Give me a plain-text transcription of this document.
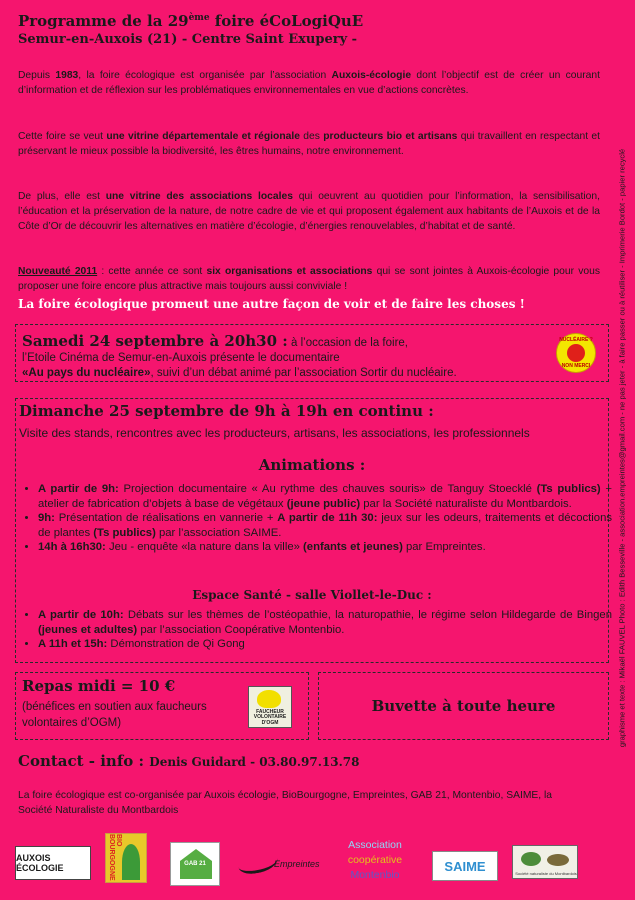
Programme de la 29ème foire éCoLogiQuE
Semur-en-Auxois (21) - Centre Saint Exupery -

Depuis 1983, la foire écologique est organisée par l’association Auxois-écologie dont l’objectif est de créer un courant d’information et de réflexion sur les problématiques environnementales en vue d’actions concrètes.

Cette foire se veut une vitrine départementale et régionale des producteurs bio et artisans qui travaillent en respectant et préservant le mieux possible la biodiversité, les êtres humains, notre environnement.

De plus, elle est une vitrine des associations locales qui oeuvrent au quotidien pour l’information, la sensibilisation, l’éducation et la préservation de la nature, de notre cadre de vie et qui proposent également aux habitants de l’Auxois et de la Côte d’Or de découvrir les alternatives en matière d’écologie, d’énergies renouvelables, d’habitat et de santé.

Nouveauté 2011 : cette année ce sont six organisations et associations qui se sont jointes à Auxois-écologie pour vous proposer une foire encore plus attractive mais toujours aussi conviviale !

La foire écologique promeut une autre façon de voir et de faire les choses !
Samedi 24 septembre à 20h30 : à l’occasion de la foire,
l’Etoile Cinéma de Semur-en-Auxois présente le documentaire
«Au pays du nucléaire», suivi d’un débat animé par l’association Sortir du nucléaire.
NUCLÉAIRE ?
NON MERCI
Dimanche 25 septembre de 9h à 19h en continu :
Visite des stands, rencontres avec les producteurs, artisans, les associations, les professionnels
Animations :
• A partir de 9h: Projection documentaire « Au rythme des chauves souris» de Tanguy Stoecklé (Ts publics) + atelier de fabrication d’objets à base de végétaux (jeune public) par la Société naturaliste du Montbardois.
• 9h: Présentation de réalisations en vannerie + A partir de 11h 30: jeux sur les odeurs, traitements et décoctions de plantes (Ts publics) par l’association SAIME.
• 14h à 16h30: Jeu - enquête «la nature dans la ville» (enfants et jeunes) par Empreintes.
Espace Santé - salle Viollet-le-Duc :
• A partir de 10h: Débats sur les thèmes de l’ostéopathie, la naturopathie, le régime selon Hildegarde de Bingen (jeunes et adultes) par l’association Coopérative Montenbio.
• A 11h et 15h: Démonstration de Qi Gong
Repas midi = 10 €
(bénéfices en soutien aux faucheurs volontaires d’OGM)
FAUCHEUR VOLONTAIRE D'OGM
Buvette à toute heure
Contact - info : Denis Guidard - 03.80.97.13.78
La foire écologique est co-organisée par Auxois écologie, BioBourgogne, Empreintes, GAB 21, Montenbio, SAIME, la Société Naturaliste du Montbardois
graphisme et texte : Mikaël FAUVEL Photo : Edith Besseville - association.empreintes@gmail.com - ne pas jeter - à faire passer ou à réutiliser - Imprimerie Bordot - papier recyclé
AUXOIS ÉCOLOGIE
BIO BOURGOGNE	GAB 21	Empreintes
Association
coopérative
Montenbio
SAIME	Société naturaliste du Montbardois
